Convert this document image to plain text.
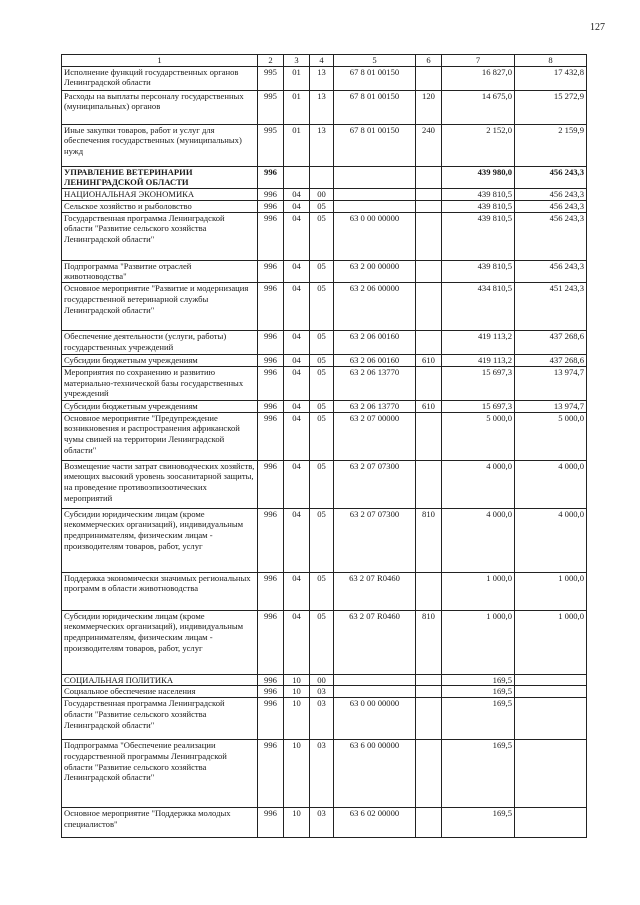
127
1	2	3	4	5	6	7	8
Исполнение функций государственных органов Ленинградской области	995	01	13	67 8 01 00150		16 827,0	17 432,8
Расходы на выплаты персоналу государственных (муниципальных) органов	995	01	13	67 8 01 00150	120	14 675,0	15 272,9
Иные закупки товаров, работ и услуг для обеспечения государственных (муниципальных) нужд	995	01	13	67 8 01 00150	240	2 152,0	2 159,9
УПРАВЛЕНИЕ ВЕТЕРИНАРИИ ЛЕНИНГРАДСКОЙ ОБЛАСТИ	996					439 980,0	456 243,3
НАЦИОНАЛЬНАЯ ЭКОНОМИКА	996	04	00			439 810,5	456 243,3
Сельское хозяйство и рыболовство	996	04	05			439 810,5	456 243,3
Государственная программа Ленинградской области "Развитие сельского хозяйства Ленинградской области"	996	04	05	63 0 00 00000		439 810,5	456 243,3
Подпрограмма "Развитие отраслей животноводства"	996	04	05	63 2 00 00000		439 810,5	456 243,3
Основное мероприятие "Развитие и модернизация государственной ветеринарной службы Ленинградской области"	996	04	05	63 2 06 00000		434 810,5	451 243,3
Обеспечение деятельности (услуги, работы) государственных учреждений	996	04	05	63 2 06 00160		419 113,2	437 268,6
Субсидии бюджетным учреждениям	996	04	05	63 2 06 00160	610	419 113,2	437 268,6
Мероприятия по сохранению и развитию материально-технической базы государственных учреждений	996	04	05	63 2 06 13770		15 697,3	13 974,7
Субсидии бюджетным учреждениям	996	04	05	63 2 06 13770	610	15 697,3	13 974,7
Основное мероприятие "Предупреждение возникновения и распространения африканской чумы свиней на территории Ленинградской области"	996	04	05	63 2 07 00000		5 000,0	5 000,0
Возмещение части затрат свиноводческих хозяйств, имеющих высокий уровень зоосанитарной защиты, на проведение противоэпизоотических мероприятий	996	04	05	63 2 07 07300		4 000,0	4 000,0
Субсидии юридическим лицам (кроме некоммерческих организаций), индивидуальным предпринимателям, физическим лицам - производителям товаров, работ, услуг	996	04	05	63 2 07 07300	810	4 000,0	4 000,0
Поддержка экономически значимых региональных программ в области животноводства	996	04	05	63 2 07 R0460		1 000,0	1 000,0
Субсидии юридическим лицам (кроме некоммерческих организаций), индивидуальным предпринимателям, физическим лицам - производителям товаров, работ, услуг	996	04	05	63 2 07 R0460	810	1 000,0	1 000,0
СОЦИАЛЬНАЯ ПОЛИТИКА	996	10	00			169,5	
Социальное обеспечение населения	996	10	03			169,5	
Государственная программа Ленинградской области "Развитие сельского хозяйства Ленинградской области"	996	10	03	63 0 00 00000		169,5	
Подпрограмма "Обеспечение реализации государственной программы Ленинградской области "Развитие сельского хозяйства Ленинградской области"	996	10	03	63 6 00 00000		169,5	
Основное мероприятие "Поддержка молодых специалистов"	996	10	03	63 6 02 00000		169,5	
